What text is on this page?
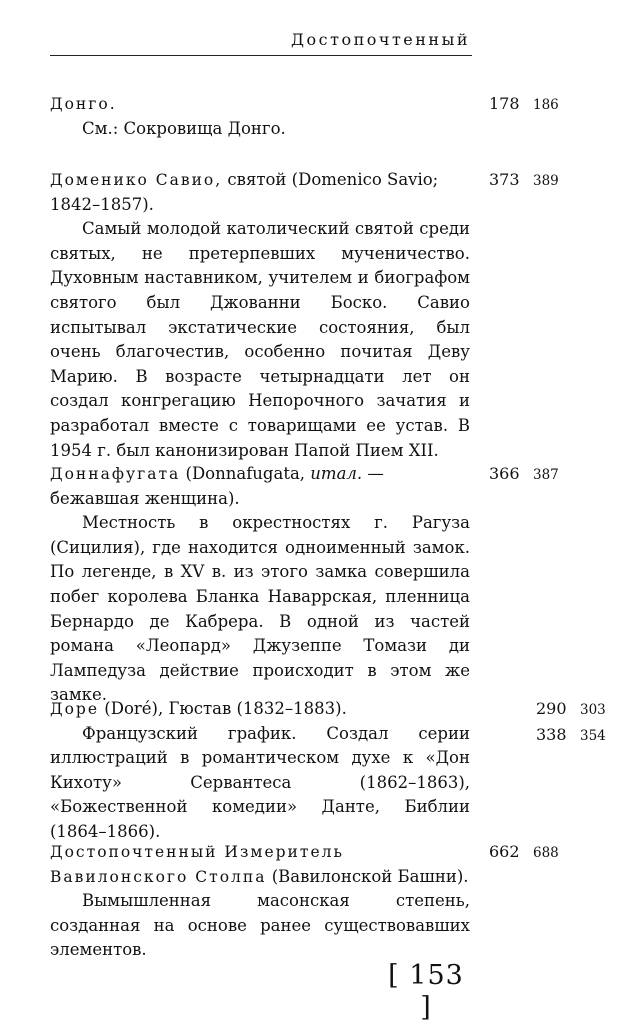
Достопочтенный
Донго.	178 186
См.: Сокровища Донго.
Доменико Савио, святой (Domenico Savio; 1842–1857).
373 389
Самый молодой католический святой среди святых, не претерпевших мученичество. Духовным наставником, учителем и биографом святого был Джованни Боско. Савио испытывал экстатические состояния, был очень благочестив, особенно почитая Деву Марию. В возрасте четырнадцати лет он создал конгрегацию Непорочного зачатия и разработал вместе с товарищами ее устав. В 1954 г. был канонизирован Папой Пием XII.
Доннафугата (Donnafugata, итал. — бежавшая женщина).
366 387
Местность в окрестностях г. Рагуза (Сицилия), где находится одноименный замок. По легенде, в XV в. из этого замка совершила побег королева Бланка Наваррская, пленница Бернардо де Кабрера. В одной из частей романа «Леопард» Джузеппе Томази ди Лампедуза действие происходит в этом же замке.
Доре (Doré), Гюстав (1832–1883).
Французский график. Создал серии иллюстраций в романтическом духе к «Дон Кихоту» Сервантеса (1862–1863), «Божественной комедии» Данте, Библии (1864–1866).
290 303
338 354
Достопочтенный Измеритель Вавилонского Столпа (Вавилонской Башни).
662 688
Вымышленная масонская степень, созданная на основе ранее существовавших элементов.
[ 153 ]
